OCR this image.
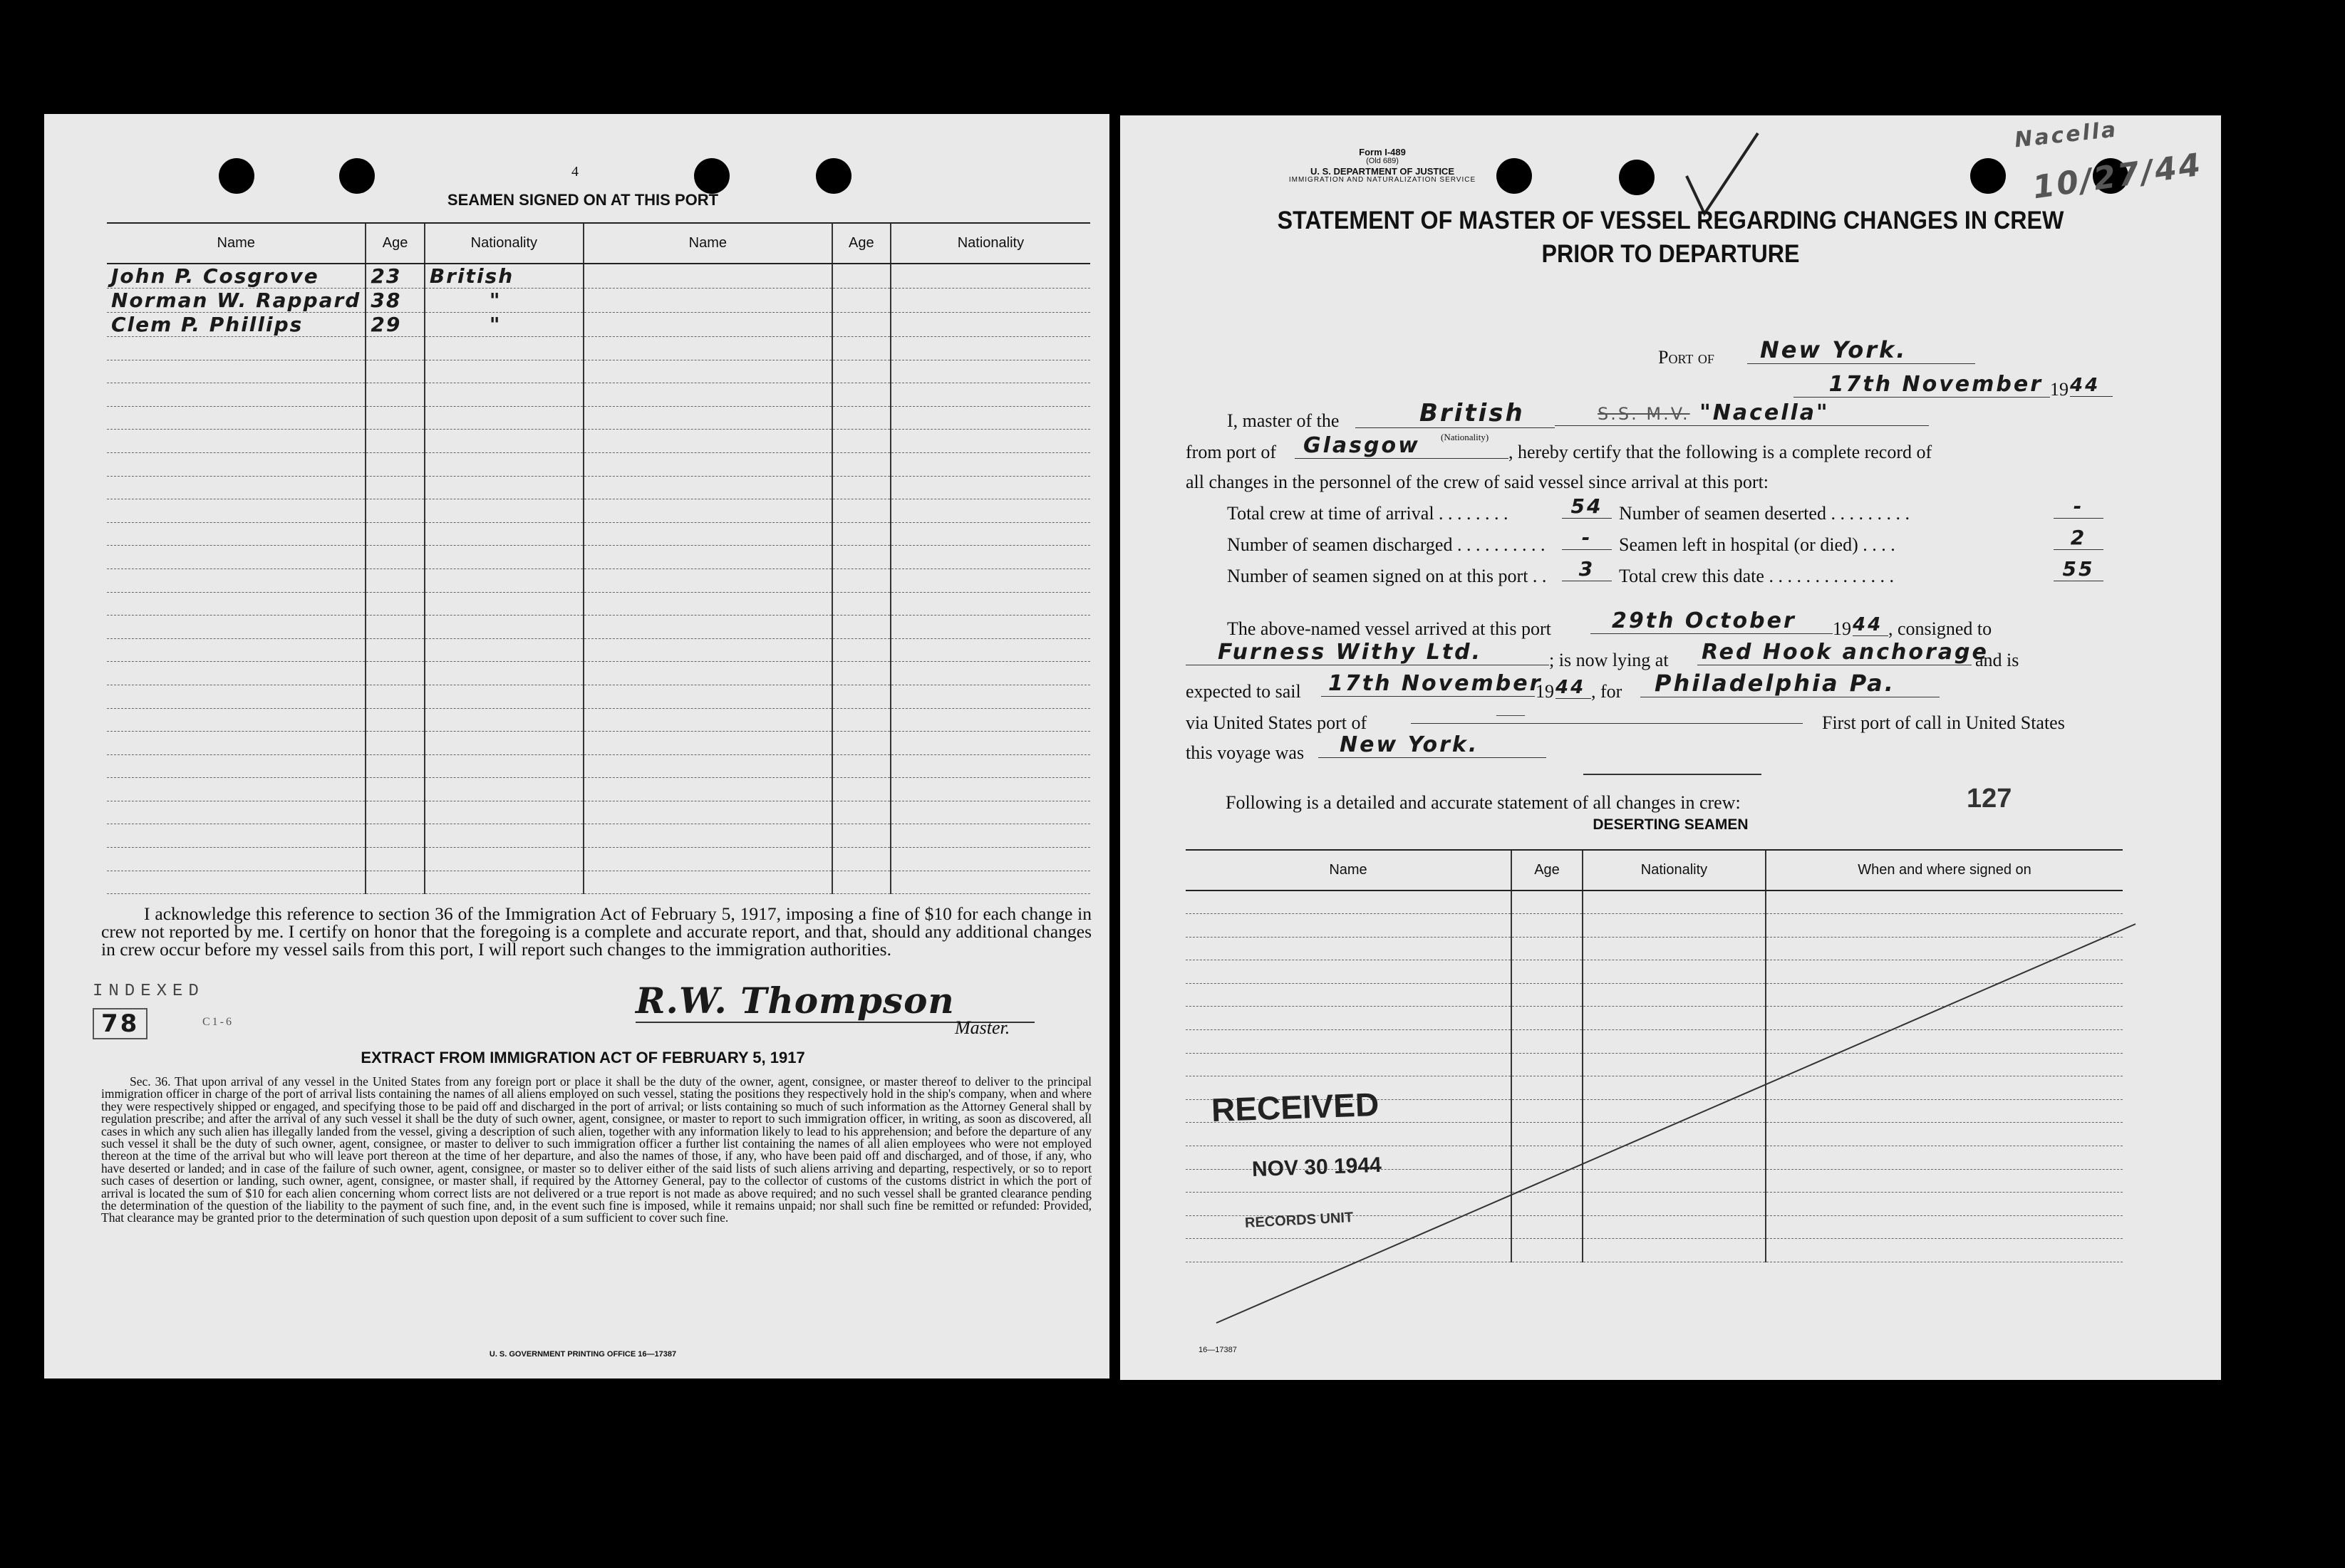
4
SEAMEN SIGNED ON AT THIS PORT
Name	Age	Nationality	Name	Age	Nationality
John P. Cosgrove	23	British			
Norman W. Rappard	38	"			
Clem P. Phillips	29	"			

I acknowledge this reference to section 36 of the Immigration Act of February 5, 1917, imposing a fine of $10 for each change in crew not reported by me. I certify on honor that the foregoing is a complete and accurate report, and that, should any additional changes in crew occur before my vessel sails from this port, I will report such changes to the immigration authorities.
INDEXED
78	C1-6
R.W. Thompson
Master.
EXTRACT FROM IMMIGRATION ACT OF FEBRUARY 5, 1917
Sec. 36. That upon arrival of any vessel in the United States from any foreign port or place it shall be the duty of the owner, agent, consignee, or master thereof to deliver to the principal immigration officer in charge of the port of arrival lists containing the names of all aliens employed on such vessel, stating the positions they respectively hold in the ship's company, when and where they were respectively shipped or engaged, and specifying those to be paid off and discharged in the port of arrival; or lists containing so much of such information as the Attorney General shall by regulation prescribe; and after the arrival of any such vessel it shall be the duty of such owner, agent, consignee, or master to report to such immigration officer, in writing, as soon as discovered, all cases in which any such alien has illegally landed from the vessel, giving a description of such alien, together with any information likely to lead to his apprehension; and before the departure of any such vessel it shall be the duty of such owner, agent, consignee, or master to deliver to such immigration officer a further list containing the names of all alien employees who were not employed thereon at the time of the arrival but who will leave port thereon at the time of her departure, and also the names of those, if any, who have been paid off and discharged, and of those, if any, who have deserted or landed; and in case of the failure of such owner, agent, consignee, or master so to deliver either of the said lists of such aliens arriving and departing, respectively, or so to report such cases of desertion or landing, such owner, agent, consignee, or master shall, if required by the Attorney General, pay to the collector of customs of the customs district in which the port of arrival is located the sum of $10 for each alien concerning whom correct lists are not delivered or a true report is not made as above required; and no such vessel shall be granted clearance pending the determination of the question of the liability to the payment of such fine, and, in the event such fine is imposed, while it remains unpaid; nor shall such fine be remitted or refunded: Provided, That clearance may be granted prior to the determination of such question upon deposit of a sum sufficient to cover such fine.
U. S. GOVERNMENT PRINTING OFFICE 16—17387
Form I-489
(Old 689)
U. S. DEPARTMENT OF JUSTICE
IMMIGRATION AND NATURALIZATION SERVICE
Nacella
10/27/44
STATEMENT OF MASTER OF VESSEL REGARDING CHANGES IN CREW
PRIOR TO DEPARTURE
Port of	New York.
17th November 19 44
I, master of the	British
(Nationality)
S.S. M.V. "Nacella"
from port of	Glasgow	, hereby certify that the following is a complete record of
all changes in the personnel of the crew of said vessel since arrival at this port:
Total crew at time of arrival . . . . . . . .	54
Number of seamen discharged . . . . . . . . . .	-
Number of seamen signed on at this port . .	3
Number of seamen deserted . . . . . . . . .	-
Seamen left in hospital (or died) . . . .	2
Total crew this date . . . . . . . . . . . . . .	55
The above-named vessel arrived at this port	29th October	19 44 , consigned to
Furness Withy Ltd.	; is now lying at Red Hook anchorage
and is
expected to sail	17th November
19 44 , for	Philadelphia Pa.
via United States port of	——	First port of call in United States
this voyage was	New York.
Following is a detailed and accurate statement of all changes in crew:	127
DESERTING SEAMEN
Name	Age	Nationality	When and where signed on

RECEIVED
NOV 30 1944
RECORDS UNIT
16—17387
